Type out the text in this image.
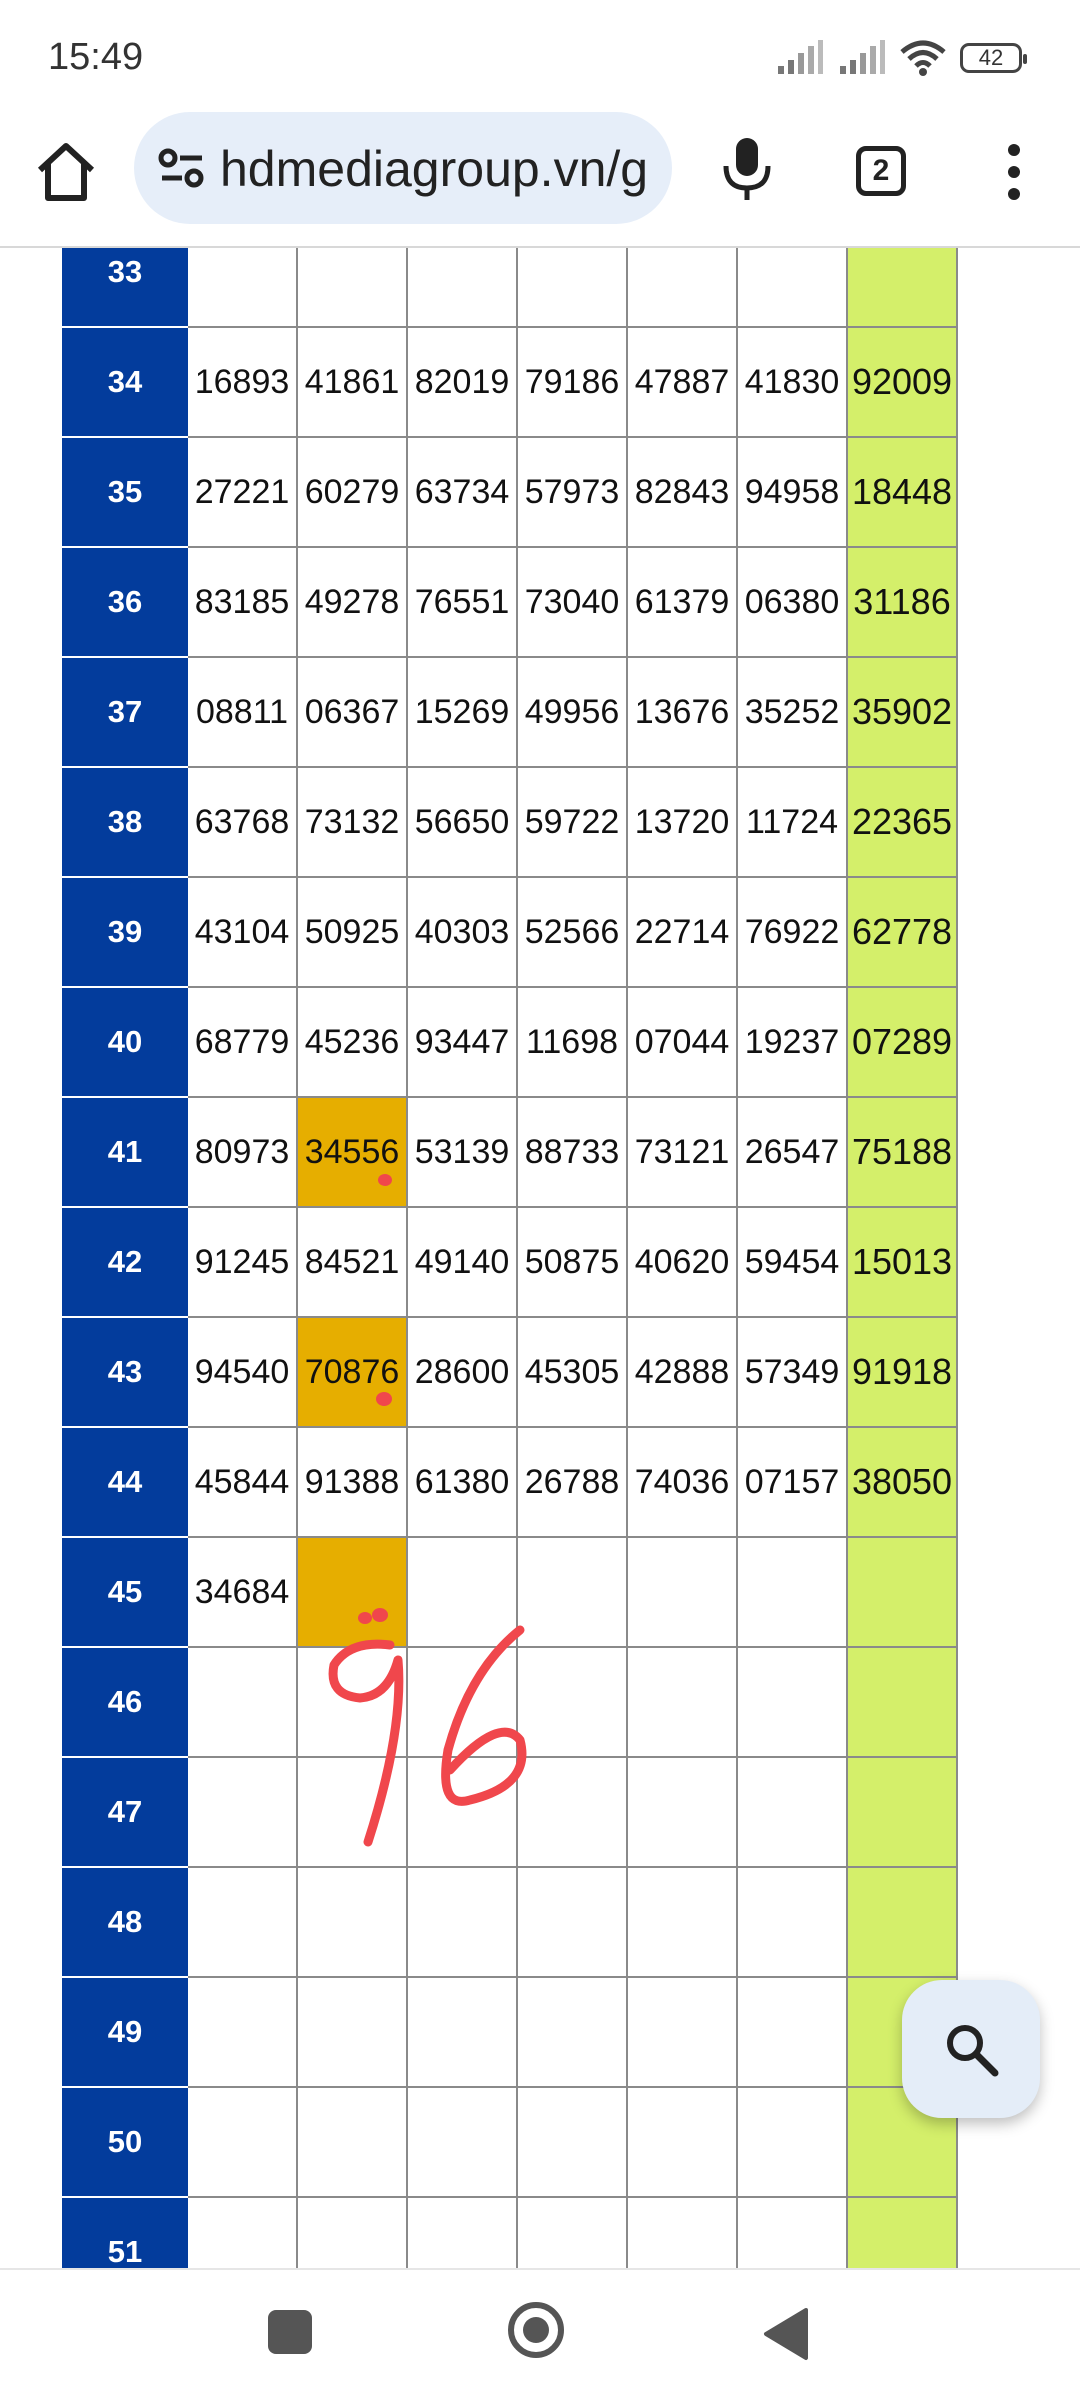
15:49	42
hdmediagroup.vn/g	2
33							
34	16893	41861	82019	79186	47887	41830	92009
35	27221	60279	63734	57973	82843	94958	18448
36	83185	49278	76551	73040	61379	06380	31186
37	08811	06367	15269	49956	13676	35252	35902
38	63768	73132	56650	59722	13720	11724	22365
39	43104	50925	40303	52566	22714	76922	62778
40	68779	45236	93447	11698	07044	19237	07289
41	80973	34556	53139	88733	73121	26547	75188
42	91245	84521	49140	50875	40620	59454	15013
43	94540	70876	28600	45305	42888	57349	91918
44	45844	91388	61380	26788	74036	07157	38050
45	34684	

46							
47							
48							
49							
50							
51							
